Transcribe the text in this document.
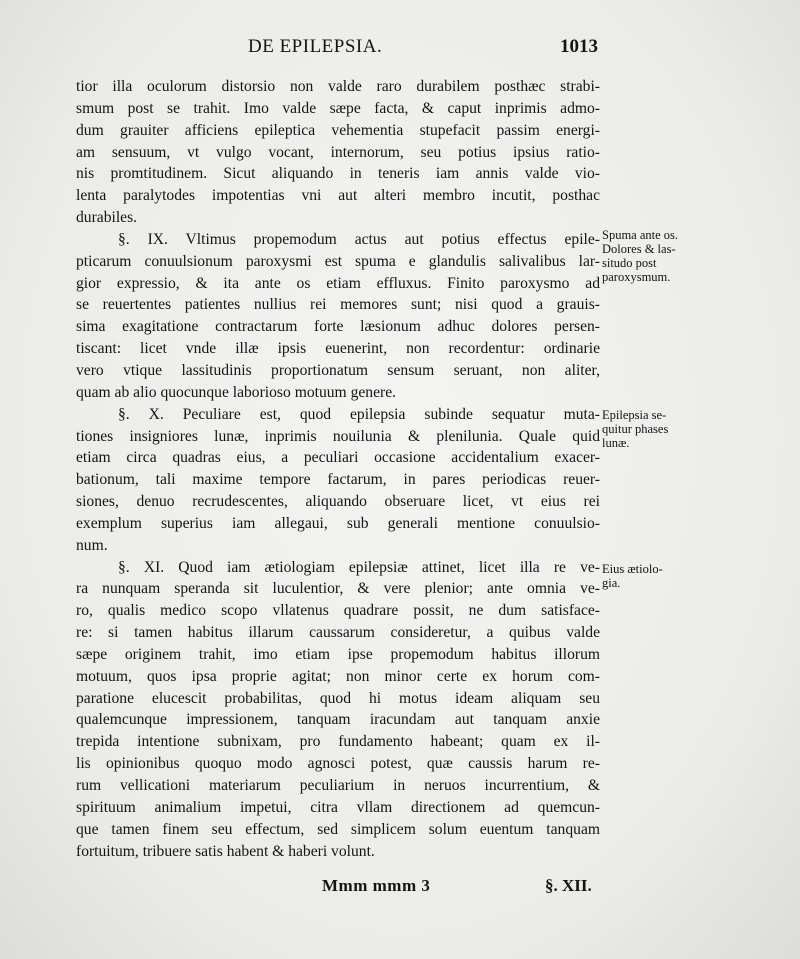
DE EPILEPSIA.	1013
tior illa oculorum distorsio non valde raro durabilem posthæc strabi-
smum post se trahit. Imo valde sæpe facta, & caput inprimis admo-
dum grauiter afficiens epileptica vehementia stupefacit passim energi-
am sensuum, vt vulgo vocant, internorum, seu potius ipsius ratio-
nis promtitudinem. Sicut aliquando in teneris iam annis valde vio-
lenta paralytodes impotentias vni aut alteri membro incutit, posthac
durabiles.
§. IX. Vltimus propemodum actus aut potius effectus epile-
pticarum conuulsionum paroxysmi est spuma e glandulis salivalibus lar-
gior expressio, & ita ante os etiam effluxus. Finito paroxysmo ad
se reuertentes patientes nullius rei memores sunt; nisi quod a grauis-
sima exagitatione contractarum forte læsionum adhuc dolores persen-
tiscant: licet vnde illæ ipsis euenerint, non recordentur: ordinarie
vero vtique lassitudinis proportionatum sensum seruant, non aliter,
quam ab alio quocunque laborioso motuum genere.
§. X. Peculiare est, quod epilepsia subinde sequatur muta-
tiones insigniores lunæ, inprimis nouilunia & plenilunia. Quale quid
etiam circa quadras eius, a peculiari occasione accidentalium exacer-
bationum, tali maxime tempore factarum, in pares periodicas reuer-
siones, denuo recrudescentes, aliquando obseruare licet, vt eius rei
exemplum superius iam allegaui, sub generali mentione conuulsio-
num.
§. XI. Quod iam ætiologiam epilepsiæ attinet, licet illa re ve-
ra nunquam speranda sit luculentior, & vere plenior; ante omnia ve-
ro, qualis medico scopo vllatenus quadrare possit, ne dum satisface-
re: si tamen habitus illarum caussarum consideretur, a quibus valde
sæpe originem trahit, imo etiam ipse propemodum habitus illorum
motuum, quos ipsa proprie agitat; non minor certe ex horum com-
paratione elucescit probabilitas, quod hi motus ideam aliquam seu
qualemcunque impressionem, tanquam iracundam aut tanquam anxie
trepida intentione subnixam, pro fundamento habeant; quam ex il-
lis opinionibus quoquo modo agnosci potest, quæ caussis harum re-
rum vellicationi materiarum peculiarium in neruos incurrentium, &
spirituum animalium impetui, citra vllam directionem ad quemcun-
que tamen finem seu effectum, sed simplicem solum euentum tanquam
fortuitum, tribuere satis habent & haberi volunt.
Spuma ante os.
Dolores & las-
situdo post
paroxysmum.
Epilepsia se-
quitur phases
lunæ.
Eius ætiolo-
gia.
Mmm mmm 3	§. XII.
